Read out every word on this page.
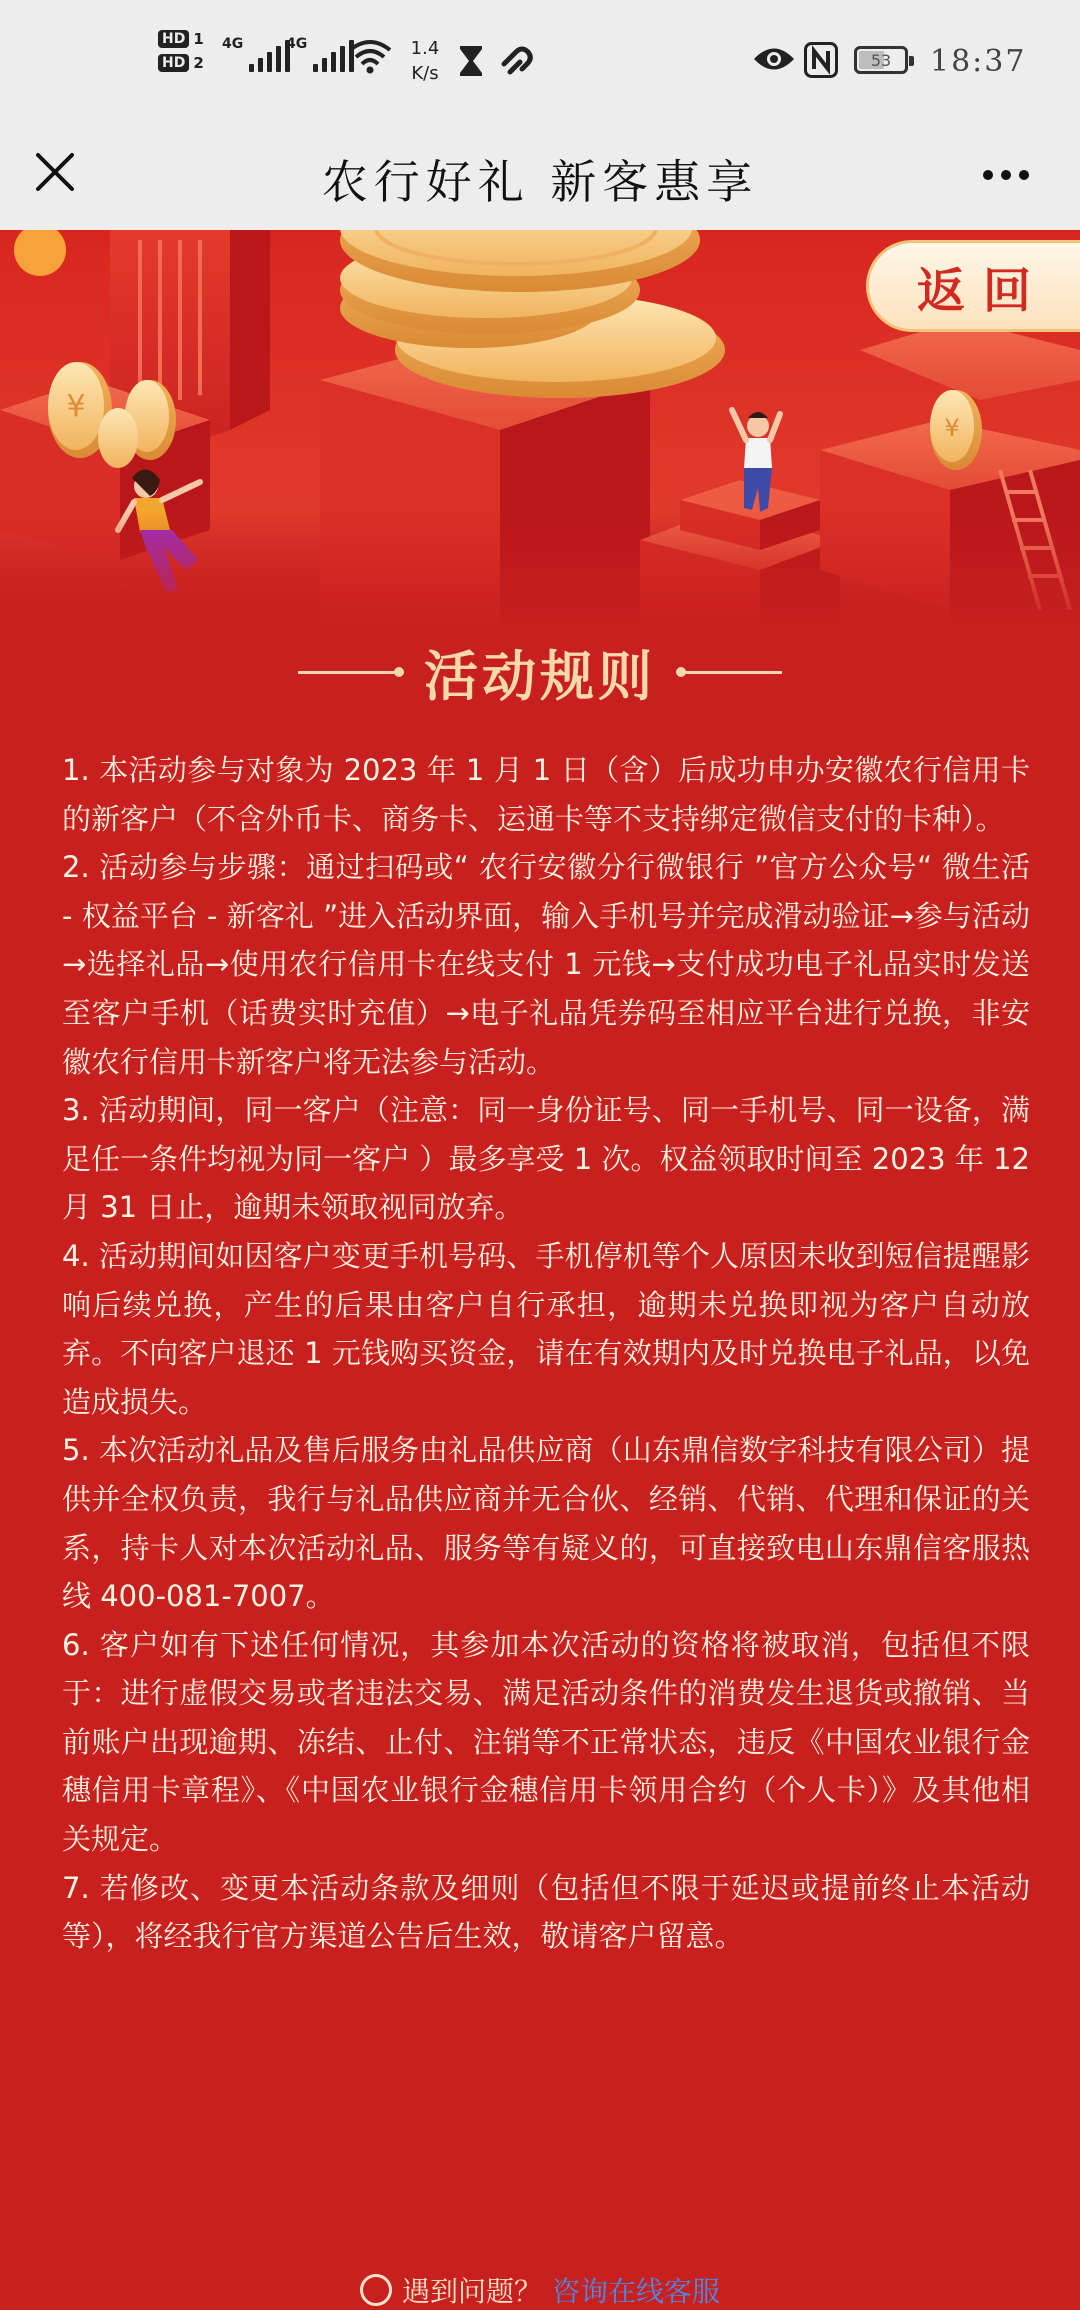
HD 1
HD 2
4G	4G	1.4
K/s
53 18:37
农行好礼 新客惠享
¥
¥
返回
活动规则

1. 本活动参与对象为 2023 年 1 月 1 日（含）后成功申办安徽农行信用卡的新客户（不含外币卡、商务卡、运通卡等不支持绑定微信支付的卡种）。

2. 活动参与步骤：通过扫码或“ 农行安徽分行微银行 ”官方公众号“ 微生活 - 权益平台 - 新客礼 ”进入活动界面，输入手机号并完成滑动验证→参与活动→选择礼品→使用农行信用卡在线支付 1 元钱→支付成功电子礼品实时发送至客户手机（话费实时充值）→电子礼品凭券码至相应平台进行兑换，非安徽农行信用卡新客户将无法参与活动。

3. 活动期间，同一客户（注意：同一身份证号、同一手机号、同一设备，满足任一条件均视为同一客户 ）最多享受 1 次。权益领取时间至 2023 年 12 月 31 日止，逾期未领取视同放弃。

4. 活动期间如因客户变更手机号码、手机停机等个人原因未收到短信提醒影响后续兑换，产生的后果由客户自行承担，逾期未兑换即视为客户自动放弃。不向客户退还 1 元钱购买资金，请在有效期内及时兑换电子礼品，以免造成损失。

5. 本次活动礼品及售后服务由礼品供应商（山东鼎信数字科技有限公司）提供并全权负责，我行与礼品供应商并无合伙、经销、代销、代理和保证的关系，持卡人对本次活动礼品、服务等有疑义的，可直接致电山东鼎信客服热线 400-081-7007。

6. 客户如有下述任何情况，其参加本次活动的资格将被取消，包括但不限于：进行虚假交易或者违法交易、满足活动条件的消费发生退货或撤销、当前账户出现逾期、冻结、止付、注销等不正常状态，违反《中国农业银行金穗信用卡章程》、《中国农业银行金穗信用卡领用合约（个人卡）》及其他相关规定。

7. 若修改、变更本活动条款及细则（包括但不限于延迟或提前终止本活动等），将经我行官方渠道公告后生效，敬请客户留意。

遇到问题？ 咨询在线客服
